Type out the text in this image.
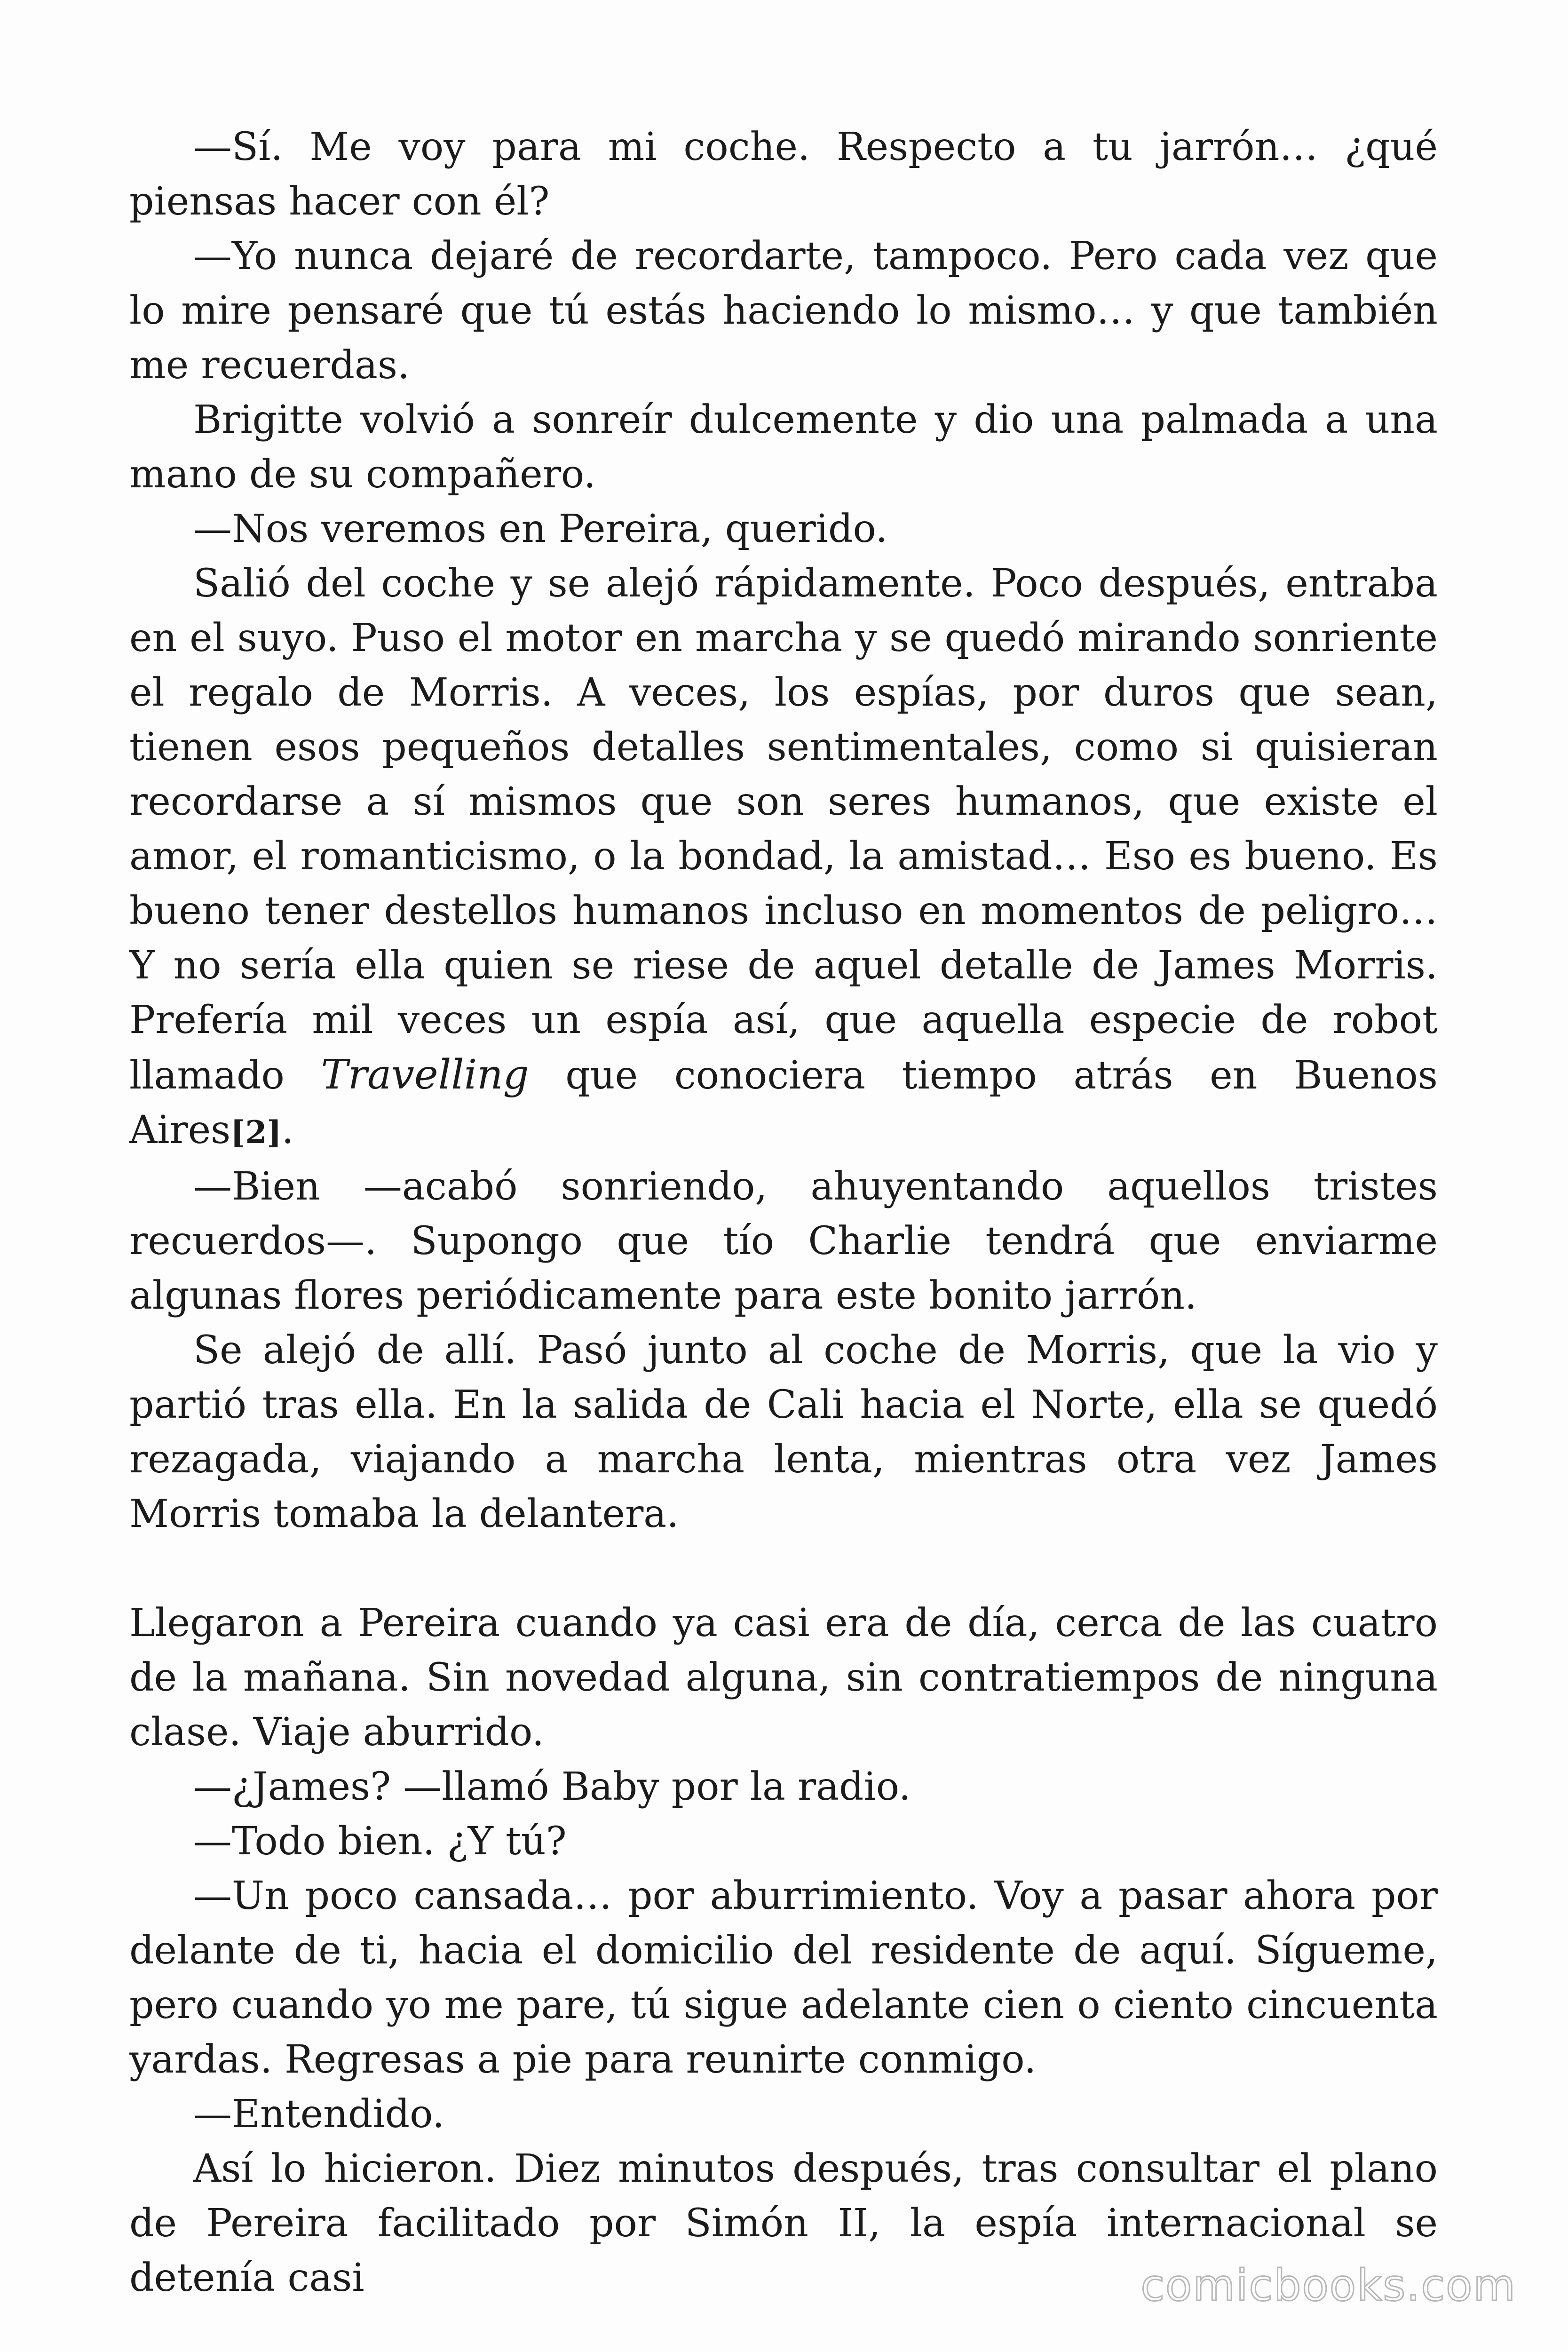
—Sí. Me voy para mi coche. Respecto a tu jarrón… ¿qué piensas hacer con él?

—Yo nunca dejaré de recordarte, tampoco. Pero cada vez que lo mire pensaré que tú estás haciendo lo mismo… y que también me recuerdas.

Brigitte volvió a sonreír dulcemente y dio una palmada a una mano de su compañero.

—Nos veremos en Pereira, querido.

Salió del coche y se alejó rápidamente. Poco después, entraba en el suyo. Puso el motor en marcha y se quedó mirando sonriente el regalo de Morris. A veces, los espías, por duros que sean, tienen esos pequeños detalles sentimentales, como si quisieran recordarse a sí mismos que son seres humanos, que existe el amor, el romanticismo, o la bondad, la amistad… Eso es bueno. Es bueno tener destellos humanos incluso en momentos de peligro… Y no sería ella quien se riese de aquel detalle de James Morris. Prefería mil veces un espía así, que aquella especie de robot llamado Travelling que conociera tiempo atrás en Buenos Aires[2].

—Bien —acabó sonriendo, ahuyentando aquellos tristes recuerdos—. Supongo que tío Charlie tendrá que enviarme algunas flores periódicamente para este bonito jarrón.

Se alejó de allí. Pasó junto al coche de Morris, que la vio y partió tras ella. En la salida de Cali hacia el Norte, ella se quedó rezagada, viajando a marcha lenta, mientras otra vez James Morris tomaba la delantera.

Llegaron a Pereira cuando ya casi era de día, cerca de las cuatro de la mañana. Sin novedad alguna, sin contratiempos de ninguna clase. Viaje aburrido.

—¿James? —llamó Baby por la radio.

—Todo bien. ¿Y tú?

—Un poco cansada… por aburrimiento. Voy a pasar ahora por delante de ti, hacia el domicilio del residente de aquí. Sígueme, pero cuando yo me pare, tú sigue adelante cien o ciento cincuenta yardas. Regresas a pie para reunirte conmigo.

—Entendido.

Así lo hicieron. Diez minutos después, tras consultar el plano de Pereira facilitado por Simón II, la espía internacional se detenía casi	comicbooks.com
